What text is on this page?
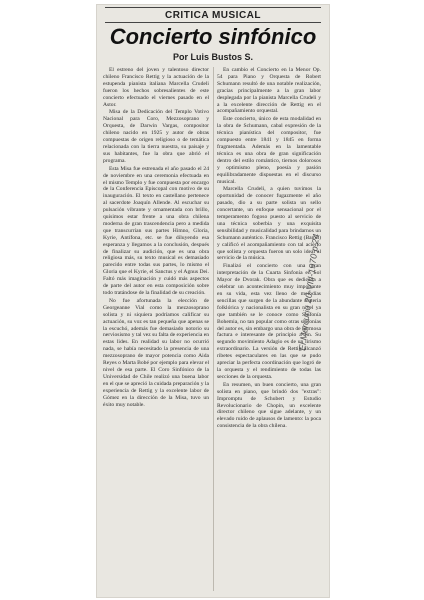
CRITICA MUSICAL
Concierto sinfónico
Por Luis Bustos S.

El estreno del joven y talentoso director chileno Francisco Rettig y la actuación de la estupenda pianista italiana Marcella Crudeli fueron los hechos sobresalientes de este concierto efectuado el viernes pasado en el Astor.

Misa de la Dedicación del Templo Votivo Nacional para Coro, Mezzosoprano y Orquesta, de Darwin Vargas, compositor chileno nacido en 1925 y autor de obras compuestas de origen religioso o de temática relacionada con la tierra nuestra, su paisaje y sus habitantes, fue la obra que abrió el programa.

Esta Misa fue estrenada el año pasado el 24 de noviembre en una ceremonia efectuada en el mismo Templo y fue compuesta por encargo de la Conferencia Episcopal con motivo de su inauguración. El texto en castellano pertenece al sacerdote Joaquín Allende. Al escuchar su pulsación vibrante y ornamentada con brillo, quisimos estar frente a una obra chilena moderna de gran trascendencia pero a medida que transcurrían sus partes Himno, Gloria, Kyrie, Antífona, etc. se fue diluyendo esa esperanza y llegamos a la conclusión, después de finalizar su audición, que es una obra religiosa más, su texto musical es demasiado parecido entre todas sus partes, lo mismo el Gloria que el Kyrie, el Sanctus y el Agnus Dei. Faltó más imaginación y cuidó más aspectos de parte del autor en esta composición sobre todo tratándose de la finalidad de su creación.

No fue afortunada la elección de Georgeanne Vial como la mezzosoprano solista y ni siquiera podríamos calificar su actuación, su voz es tan pequeña que apenas se la escuchó, además fue demasiado notorio su nerviosismo y tal vez su falta de experiencia en estas lides. En realidad su labor no ocurrió nada, se había necesitado la presencia de una mezzosoprano de mayor potencia como Aida Reyes o Marta Bobé por ejemplo para elevar el nivel de esa parte. El Coro Sinfónico de la Universidad de Chile realizó una buena labor en el que se apreció la cuidada preparación y la experiencia de Rettig y la excelente labor de Gómez en la dirección de la Misa, tuvo un éxito muy notable.

En cambio el Concierto en la Menor Op. 54 para Piano y Orquesta de Robert Schumann resultó de una notable realización, gracias principalmente a la gran labor desplegada por la pianista Marcella Crudeli y a la excelente dirección de Rettig en el acompañamiento orquestal.

Este concierto, único de esta modalidad en la obra de Schumann, cabal expresión de la técnica pianística del compositor, fue compuesto entre 1841 y 1845 en forma fragmentada. Además en la lamentable técnica es una obra de gran significación dentro del estilo romántico, tiernos dolorosos y optimismo pleno, poesía y pasión equilibradamente dispuestas en el discurso musical.

Marcella Crudeli, a quien tuvimos la oportunidad de conocer fugazmente el año pasado, dio a su parte solista un sello concertante, un enfoque sensacional por el temperamento fogoso puesto al servicio de una técnica soberbia y una exquisita sensibilidad y musicalidad para brindarnos un Schumann auténtico. Francisco Rettig (Bamil) y calificó el acompañamiento con tal acierto que solista y orquesta fueron un solo ideal al servicio de la música.

Finalizó el concierto con una gran interpretación de la Cuarta Sinfonía en Sol Mayor de Dvorak. Obra que es dedicada a celebrar un acontecimiento muy importante en su vida, esta vez lleno de melodías sencillas que surgen de la abundante materia folklórica y nacionalista en su gran nivel ya que también se le conoce como Sinfonía Bohemia, no tan popular como otras sinfonías del autor es, sin embargo una obra de hermosa factura e interesante de principio a fin. Su segundo movimiento Adagio es de un lirismo extraordinario. La versión de Rettig alcanzó ribetes espectaculares en las que se pudo apreciar la perfecta coordinación que logró de la orquesta y el rendimiento de todas las secciones de la orquesta.

En resumen, un buen concierto, una gran solista en piano, que brindó dos "extras": Impromptu de Schubert y Estudio Revolucionario de Chopin, un excelente director chileno que sigue adelante, y un elevado ruido de aplausos de lamento: la poca consistencia de la obra chilena.

El Mercurio 20-VIII-1970 p.24
